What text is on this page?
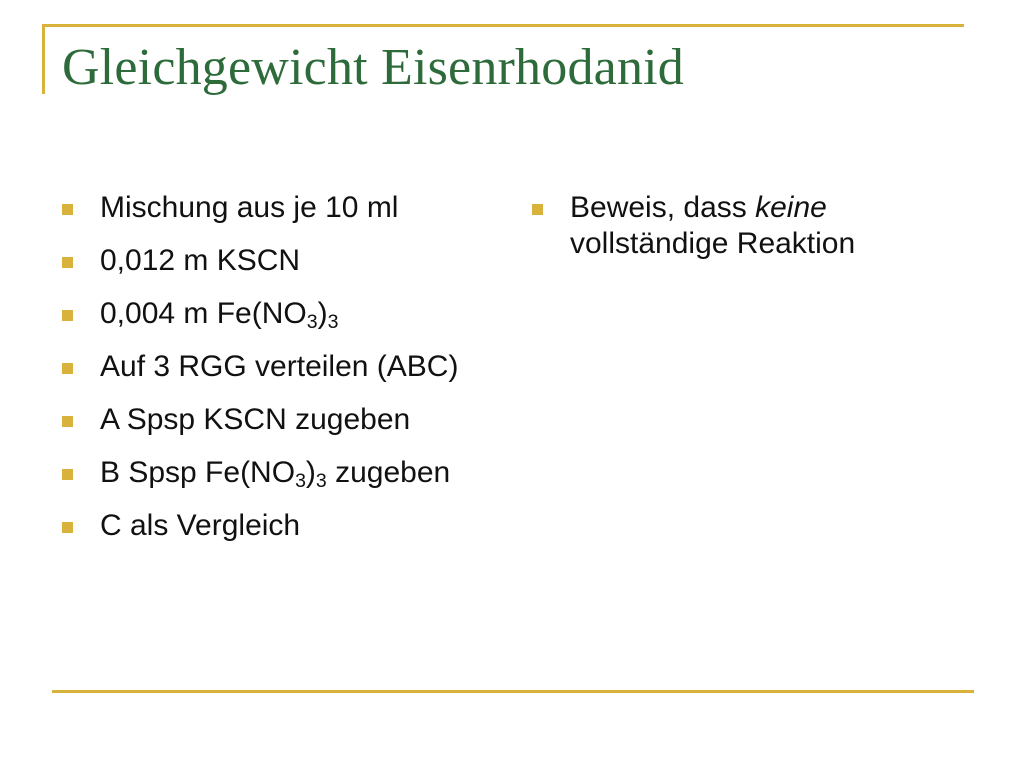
Gleichgewicht Eisenrhodanid
Mischung aus je 10 ml
0,012 m KSCN
0,004 m $Fe(NO_3)_3$
Auf 3 RGG verteilen (ABC)
A Spsp KSCN zugeben
B Spsp $Fe(NO_3)_3$ zugeben
C als Vergleich
Beweis, dass keine vollständige Reaktion
